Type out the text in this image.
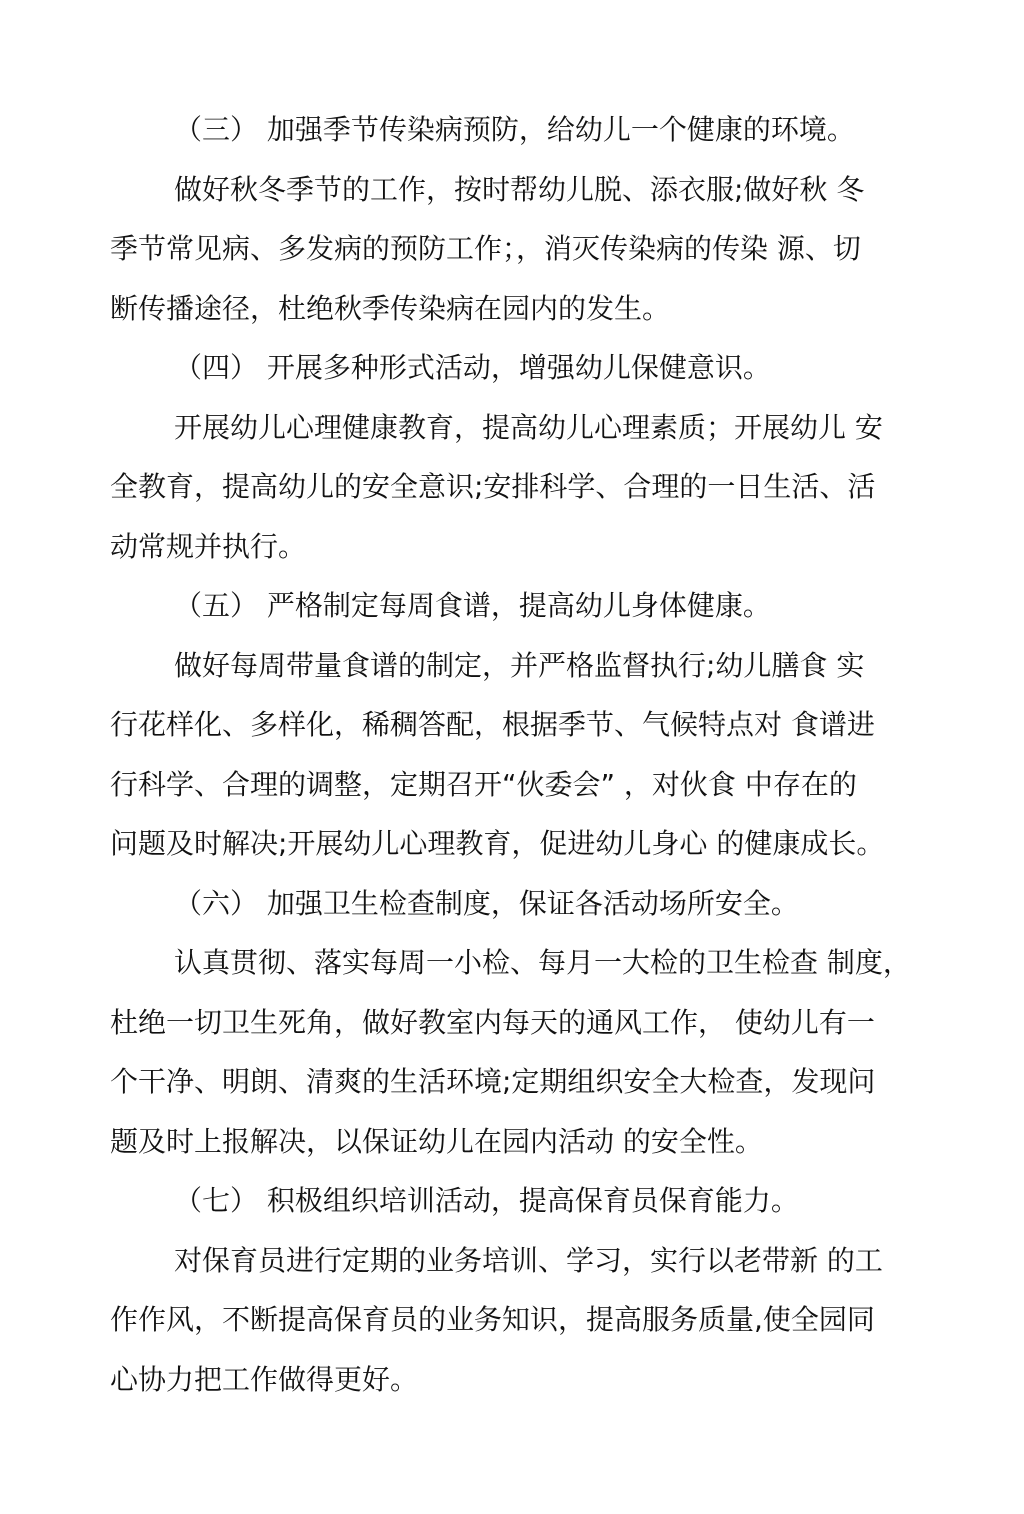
（三） 加强季节传染病预防，给幼儿一个健康的环境。
做好秋冬季节的工作，按时帮幼儿脱、添衣服;做好秋 冬
季节常见病、多发病的预防工作；，消灭传染病的传染 源、切
断传播途径，杜绝秋季传染病在园内的发生。
（四） 开展多种形式活动，增强幼儿保健意识。
开展幼儿心理健康教育，提高幼儿心理素质；开展幼儿 安
全教育，提高幼儿的安全意识;安排科学、合理的一日生活、活
动常规并执行。
（五） 严格制定每周食谱，提高幼儿身体健康。
做好每周带量食谱的制定，并严格监督执行;幼儿膳食 实
行花样化、多样化，稀稠答配，根据季节、气候特点对 食谱进
行科学、合理的调整，定期召开“伙委会” ，对伙食 中存在的
问题及时解决;开展幼儿心理教育，促进幼儿身心 的健康成长。
（六） 加强卫生检查制度，保证各活动场所安全。
认真贯彻、落实每周一小检、每月一大检的卫生检查 制度，
杜绝一切卫生死角，做好教室内每天的通风工作， 使幼儿有一
个干净、明朗、清爽的生活环境;定期组织安全大检查，发现问
题及时上报解决，以保证幼儿在园内活动 的安全性。
（七） 积极组织培训活动，提高保育员保育能力。
对保育员进行定期的业务培训、学习，实行以老带新 的工
作作风，不断提高保育员的业务知识，提高服务质量,使全园同
心协力把工作做得更好。
